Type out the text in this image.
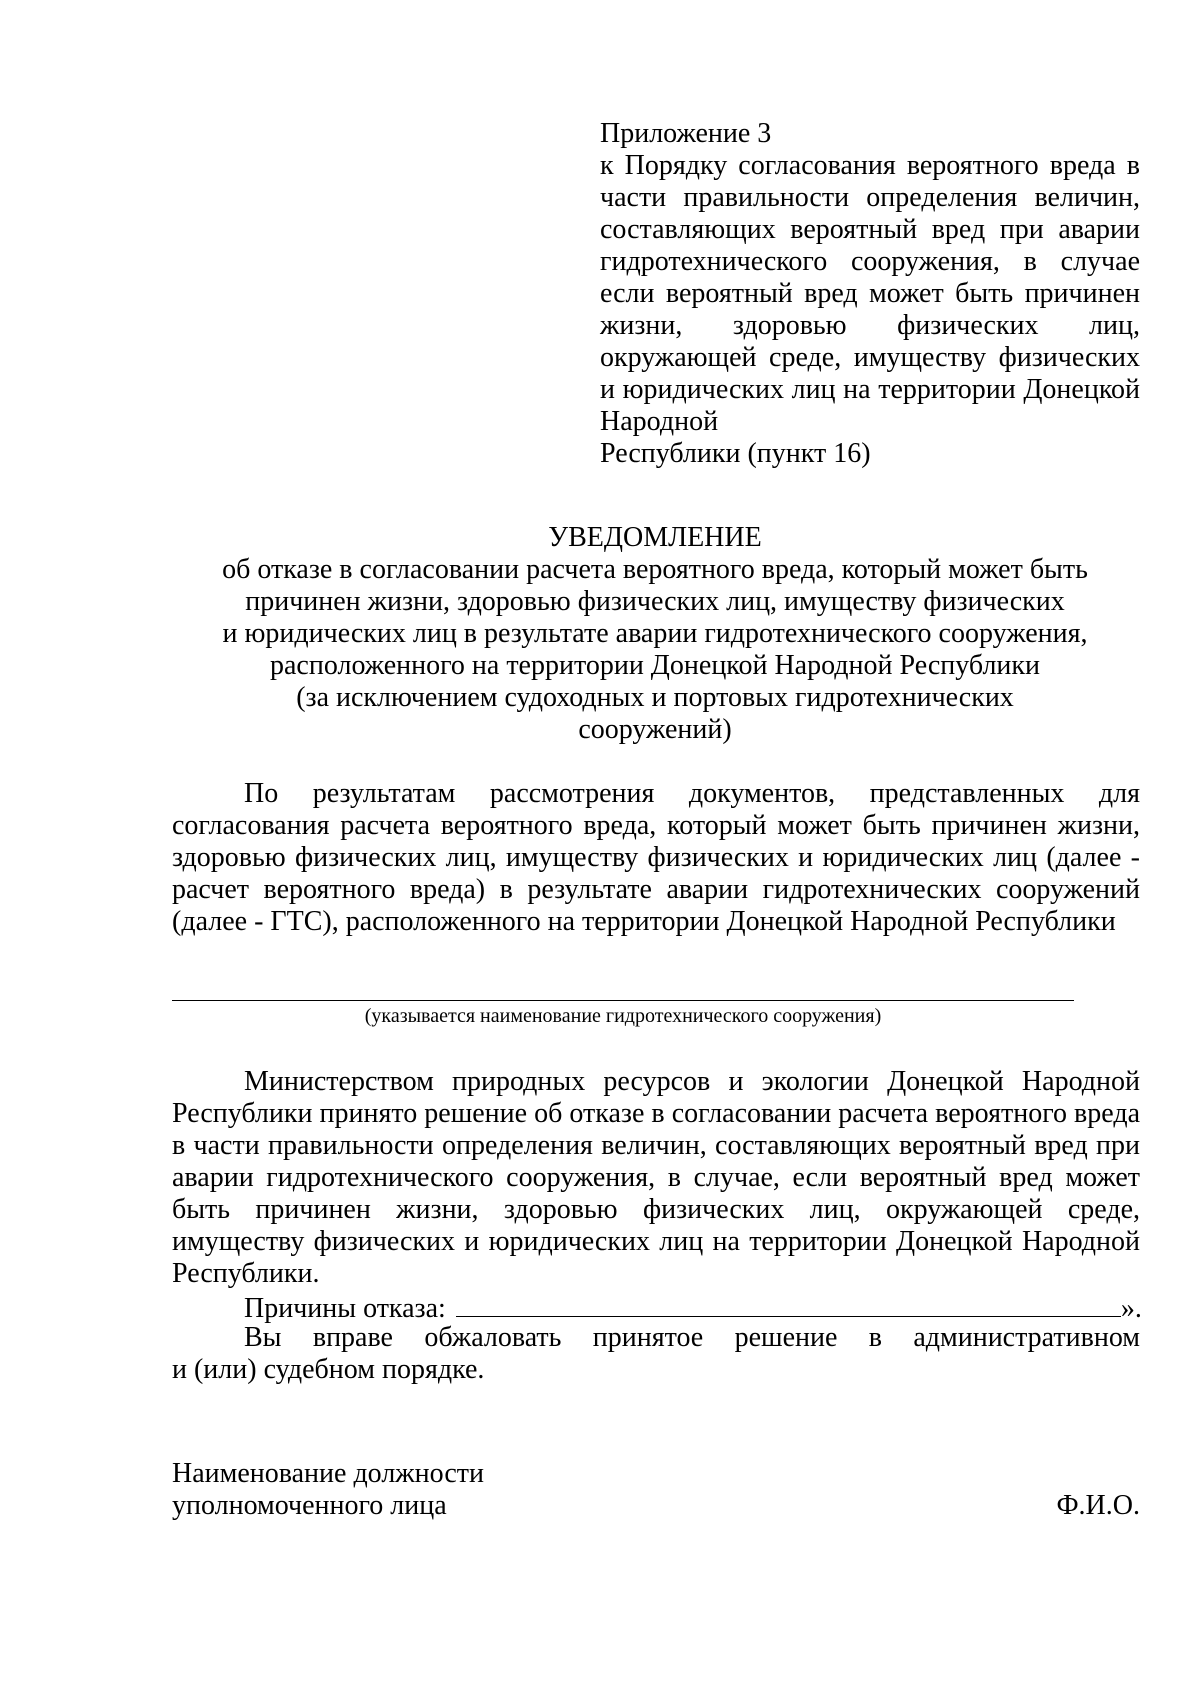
Приложение 3

к Порядку согласования вероятного вреда в части правильности определения величин, составляющих вероятный вред при аварии гидротехнического сооружения, в случае если вероятный вред может быть причинен жизни, здоровью физических лиц, окружающей среде, имуществу физических и юридических лиц на территории Донецкой Народной

Республики (пункт 16)

УВЕДОМЛЕНИЕ

об отказе в согласовании расчета вероятного вреда, который может быть
причинен жизни, здоровью физических лиц, имуществу физических
и юридических лиц в результате аварии гидротехнического сооружения,
расположенного на территории Донецкой Народной Республики
(за исключением судоходных и портовых гидротехнических
сооружений)

По результатам рассмотрения документов, представленных для согласования расчета вероятного вреда, который может быть причинен жизни, здоровью физических лиц, имуществу физических и юридических лиц (далее - расчет вероятного вреда) в результате аварии гидротехнических сооружений (далее - ГТС), расположенного на территории Донецкой Народной Республики

(указывается наименование гидротехнического сооружения)

Министерством природных ресурсов и экологии Донецкой Народной Республики принято решение об отказе в согласовании расчета вероятного вреда в части правильности определения величин, составляющих вероятный вред при аварии гидротехнического сооружения, в случае, если вероятный вред может быть причинен жизни, здоровью физических лиц, окружающей среде, имуществу физических и юридических лиц на территории Донецкой Народной Республики.

Причины отказа:	».

Вы вправе обжаловать принятое решение в административном
и (или) судебном порядке.

Наименование должности
уполномоченного лица	Ф.И.О.
